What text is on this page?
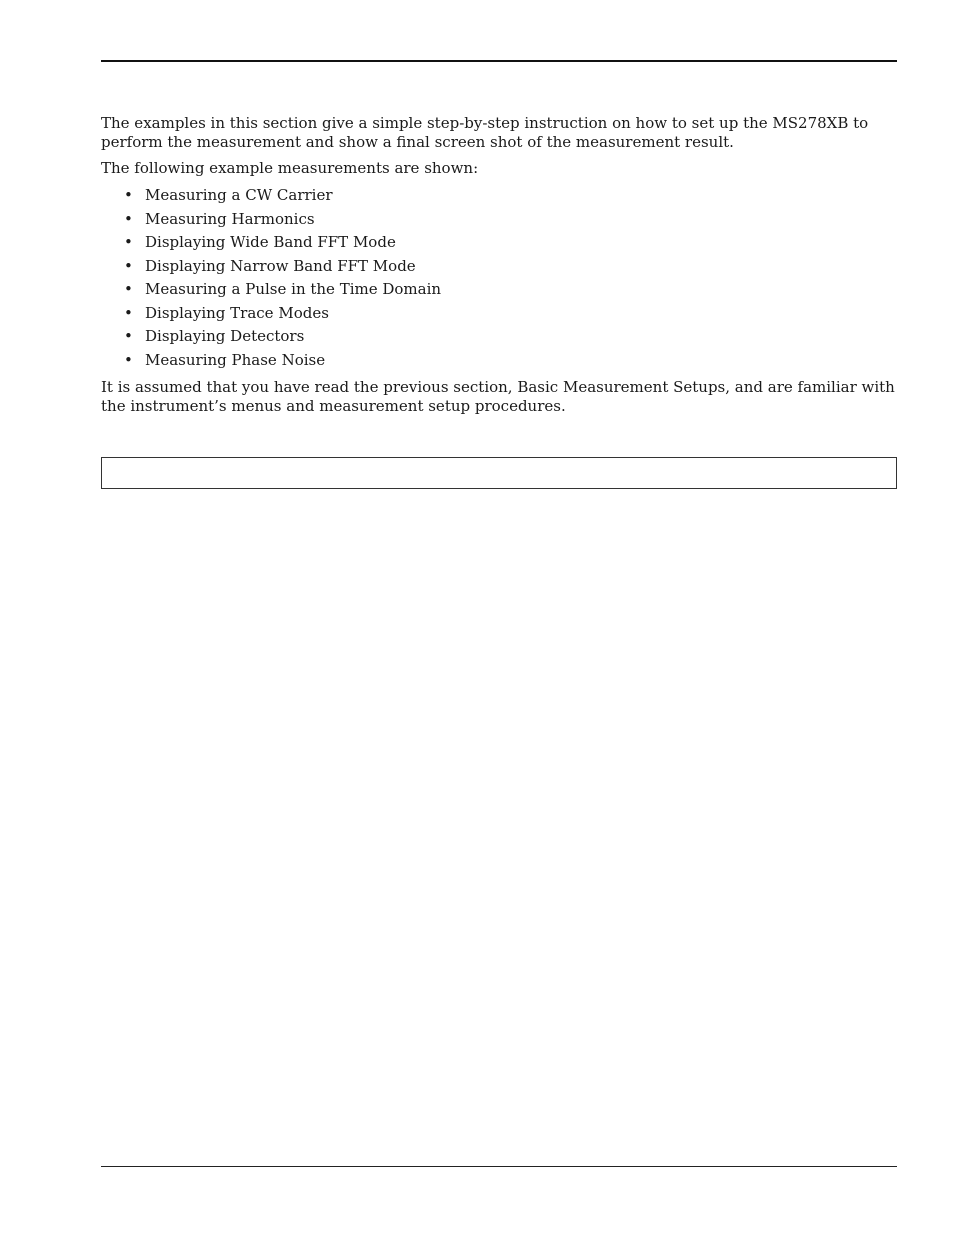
The examples in this section give a simple step-by-step instruction on how to set up the MS278XB to perform the measurement and show a final screen shot of the measurement result.

The following example measurements are shown:

• Measuring a CW Carrier
• Measuring Harmonics
• Displaying Wide Band FFT Mode
• Displaying Narrow Band FFT Mode
• Measuring a Pulse in the Time Domain
• Displaying Trace Modes
• Displaying Detectors
• Measuring Phase Noise

It is assumed that you have read the previous section, Basic Measurement Setups, and are familiar with the instrument’s menus and measurement setup procedures.
